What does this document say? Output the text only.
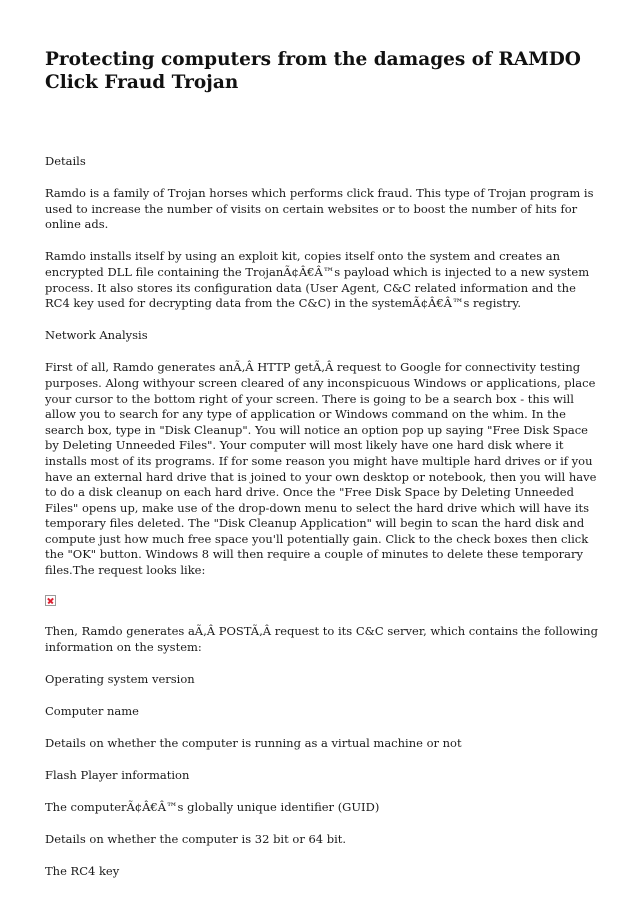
Protecting computers from the damages of RAMDO Click Fraud Trojan

Details

Ramdo is a family of Trojan horses which performs click fraud. This type of Trojan program is used to increase the number of visits on certain websites or to boost the number of hits for online ads.

Ramdo installs itself by using an exploit kit, copies itself onto the system and creates an encrypted DLL file containing the TrojanÃ¢Â€Â™s payload which is injected to a new system process. It also stores its configuration data (User Agent, C&C related information and the RC4 key used for decrypting data from the C&C) in the systemÃ¢Â€Â™s registry.

Network Analysis

First of all, Ramdo generates anÃ‚Â HTTP getÃ‚Â request to Google for connectivity testing purposes. Along withyour screen cleared of any inconspicuous Windows or applications, place your cursor to the bottom right of your screen. There is going to be a search box - this will allow you to search for any type of application or Windows command on the whim. In the search box, type in "Disk Cleanup". You will notice an option pop up saying "Free Disk Space by Deleting Unneeded Files". Your computer will most likely have one hard disk where it installs most of its programs. If for some reason you might have multiple hard drives or if you have an external hard drive that is joined to your own desktop or notebook, then you will have to do a disk cleanup on each hard drive. Once the "Free Disk Space by Deleting Unneeded Files" opens up, make use of the drop-down menu to select the hard drive which will have its temporary files deleted. The "Disk Cleanup Application" will begin to scan the hard disk and compute just how much free space you'll potentially gain. Click to the check boxes then click the "OK" button. Windows 8 will then require a couple of minutes to delete these temporary files.The request looks like:

Then, Ramdo generates aÃ‚Â POSTÃ‚Â request to its C&C server, which contains the following information on the system:

Operating system version

Computer name

Details on whether the computer is running as a virtual machine or not

Flash Player information

The computerÃ¢Â€Â™s globally unique identifier (GUID)

Details on whether the computer is 32 bit or 64 bit.

The RC4 key
